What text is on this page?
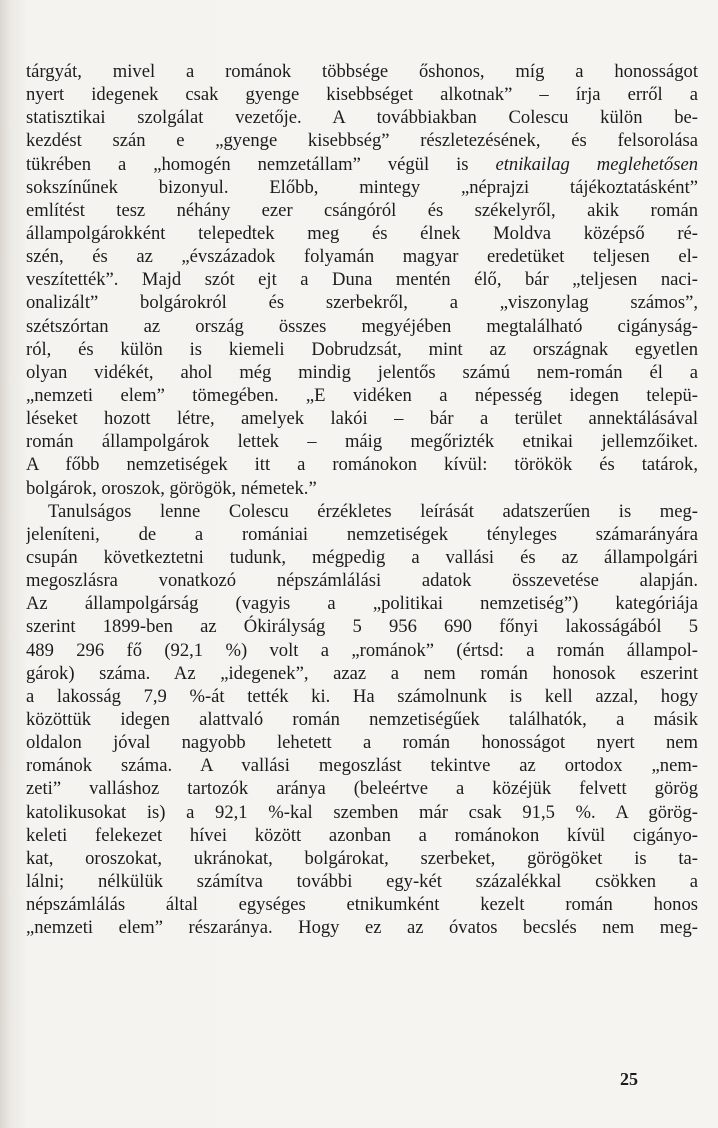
tárgyát, mivel a románok többsége őshonos, míg a honosságot
nyert idegenek csak gyenge kisebbséget alkotnak” – írja erről a
statisztikai szolgálat vezetője. A továbbiakban Colescu külön be-
kezdést szán e „gyenge kisebbség” részletezésének, és felsorolása
tükrében a „homogén nemzetállam” végül is etnikailag meglehetősen
sokszínűnek bizonyul. Előbb, mintegy „néprajzi tájékoztatásként”
említést tesz néhány ezer csángóról és székelyről, akik román
állampolgárokként telepedtek meg és élnek Moldva középső ré-
szén, és az „évszázadok folyamán magyar eredetüket teljesen el-
veszítették”. Majd szót ejt a Duna mentén élő, bár „teljesen naci-
onalizált” bolgárokról és szerbekről, a „viszonylag számos”,
szétszórtan az ország összes megyéjében megtalálható cigányság-
ról, és külön is kiemeli Dobrudzsát, mint az országnak egyetlen
olyan vidékét, ahol még mindig jelentős számú nem-román él a
„nemzeti elem” tömegében. „E vidéken a népesség idegen telepü-
léseket hozott létre, amelyek lakói – bár a terület annektálásával
román állampolgárok lettek – máig megőrizték etnikai jellemzőiket.
A főbb nemzetiségek itt a románokon kívül: törökök és tatárok,
bolgárok, oroszok, görögök, németek.”
Tanulságos lenne Colescu érzékletes leírását adatszerűen is meg-
jeleníteni, de a romániai nemzetiségek tényleges számarányára
csupán következtetni tudunk, mégpedig a vallási és az állampolgári
megoszlásra vonatkozó népszámlálási adatok összevetése alapján.
Az állampolgárság (vagyis a „politikai nemzetiség”) kategóriája
szerint 1899-ben az Ókirályság 5 956 690 főnyi lakosságából 5
489 296 fő (92,1 %) volt a „románok” (értsd: a román állampol-
gárok) száma. Az „idegenek”, azaz a nem román honosok eszerint
a lakosság 7,9 %-át tették ki. Ha számolnunk is kell azzal, hogy
közöttük idegen alattvaló román nemzetiségűek találhatók, a másik
oldalon jóval nagyobb lehetett a román honosságot nyert nem
románok száma. A vallási megoszlást tekintve az ortodox „nem-
zeti” valláshoz tartozók aránya (beleértve a közéjük felvett görög
katolikusokat is) a 92,1 %-kal szemben már csak 91,5 %. A görög-
keleti felekezet hívei között azonban a románokon kívül cigányo-
kat, oroszokat, ukránokat, bolgárokat, szerbeket, görögöket is ta-
lálni; nélkülük számítva további egy-két százalékkal csökken a
népszámlálás által egységes etnikumként kezelt román honos
„nemzeti elem” részaránya. Hogy ez az óvatos becslés nem meg-
25
